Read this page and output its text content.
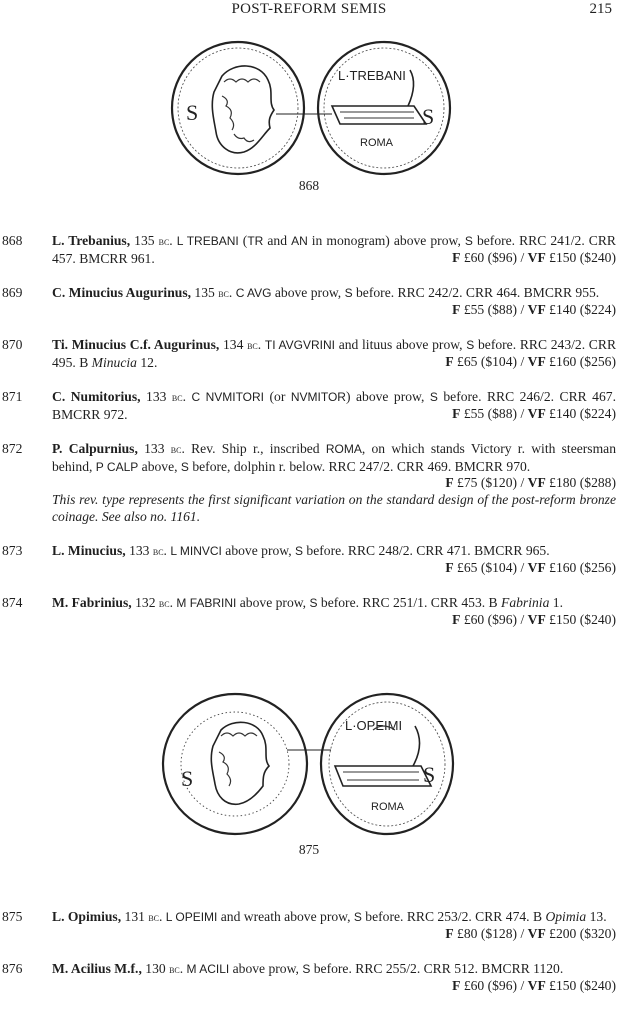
POST-REFORM SEMIS	215
S
L·TREBANI
S
ROMA
868
868 L. Trebanius, 135 bc. L TREBANI (TR and AN in monogram) above prow, S before. RRC 241/2. CRR 457. BMCRR 961.	F £60 ($96) / VF £150 ($240)
869 C. Minucius Augurinus, 135 bc. C AVG above prow, S before. RRC 242/2. CRR 464. BMCRR 955.
F £55 ($88) / VF £140 ($224)
870 Ti. Minucius C.f. Augurinus, 134 bc. TI AVGVRINI and lituus above prow, S before. RRC 243/2. CRR 495. B Minucia 12.	F £65 ($104) / VF £160 ($256)
871 C. Numitorius, 133 bc. C NVMITORI (or NVMITOR) above prow, S before. RRC 246/2. CRR 467. BMCRR 972.	F £55 ($88) / VF £140 ($224)
872 P. Calpurnius, 133 bc. Rev. Ship r., inscribed ROMA, on which stands Victory r. with steersman behind, P CALP above, S before, dolphin r. below. RRC 247/2. CRR 469. BMCRR 970.
F £75 ($120) / VF £180 ($288)
This rev. type represents the first significant variation on the standard design of the post-reform bronze coinage. See also no. 1161.
873 L. Minucius, 133 bc. L MINVCI above prow, S before. RRC 248/2. CRR 471. BMCRR 965.
F £65 ($104) / VF £160 ($256)
874 M. Fabrinius, 132 bc. M FABRINI above prow, S before. RRC 251/1. CRR 453. B Fabrinia 1.
F £60 ($96) / VF £150 ($240)
S
L·OPEIMI
S
ROMA
875
875 L. Opimius, 131 bc. L OPEIMI and wreath above prow, S before. RRC 253/2. CRR 474. B Opimia 13.
F £80 ($128) / VF £200 ($320)
876 M. Acilius M.f., 130 bc. M ACILI above prow, S before. RRC 255/2. CRR 512. BMCRR 1120.
F £60 ($96) / VF £150 ($240)
